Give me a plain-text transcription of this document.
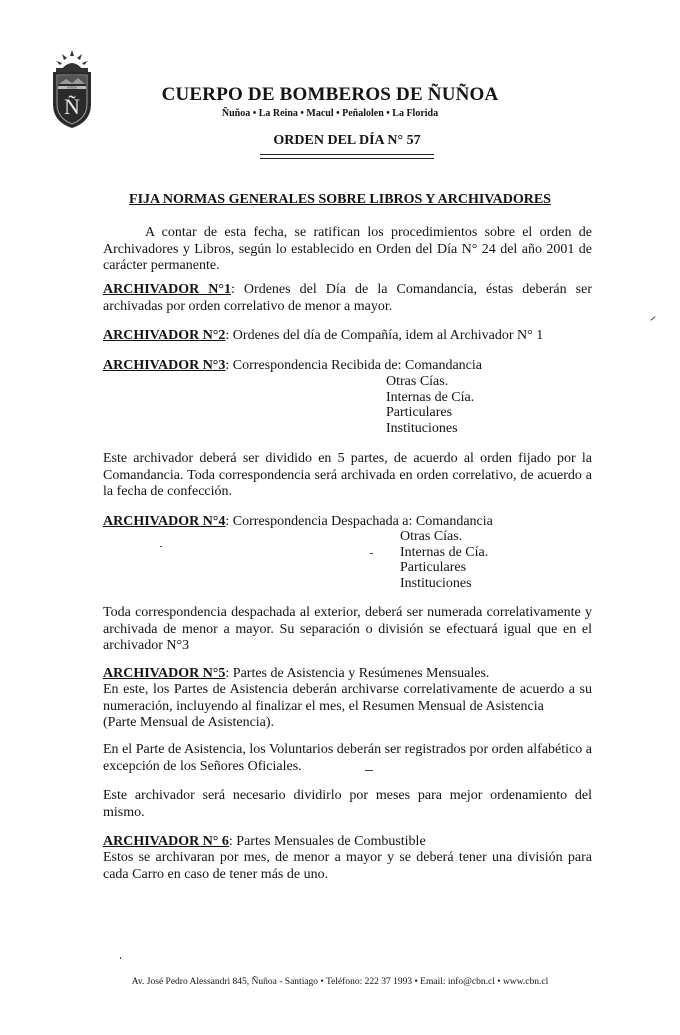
ÑUÑOA
Ñ	CUERPO DE BOMBEROS DE ÑUÑOA
Ñuñoa • La Reina • Macul • Peñalolen • La Florida
ORDEN DEL DÍA N° 57
FIJA NORMAS GENERALES SOBRE LIBROS Y ARCHIVADORES
A contar de esta fecha, se ratifican los procedimientos sobre el orden de Archivadores y Libros, según lo establecido en Orden del Día N° 24 del año 2001 de carácter permanente.
ARCHIVADOR N°1: Ordenes del Día de la Comandancia, éstas deberán ser archivadas por orden correlativo de menor a mayor.
ARCHIVADOR N°2: Ordenes del día de Compañía, idem al Archivador N° 1
ARCHIVADOR N°3: Correspondencia Recibida de: Comandancia
Otras Cías.
Internas de Cía.
Particulares
Instituciones
Este archivador deberá ser dividido en 5 partes, de acuerdo al orden fijado por la Comandancia. Toda correspondencia será archivada en orden correlativo, de acuerdo a la fecha de confección.
ARCHIVADOR N°4: Correspondencia Despachada a: Comandancia
Otras Cías.
Internas de Cía.
Particulares
Instituciones
Toda correspondencia despachada al exterior, deberá ser numerada correlativamente y archivada de menor a mayor. Su separación o división se efectuará igual que en el archivador N°3
ARCHIVADOR N°5: Partes de Asistencia y Resúmenes Mensuales.
En este, los Partes de Asistencia deberán archivarse correlativamente de acuerdo a su
numeración, incluyendo al finalizar el mes, el Resumen Mensual de Asistencia
(Parte Mensual de Asistencia).
En el Parte de Asistencia, los Voluntarios deberán ser registrados por orden alfabético a excepción de los Señores Oficiales.
Este archivador será necesario dividirlo por meses para mejor ordenamiento del mismo.
ARCHIVADOR N° 6: Partes Mensuales de Combustible
Estos se archivaran por mes, de menor a mayor y se deberá tener una división para cada Carro en caso de tener más de uno.
Av. José Pedro Alessandri 845, Ñuñoa - Santiago • Teléfono: 222 37 1993 • Email: info@cbn.cl • www.cbn.cl
